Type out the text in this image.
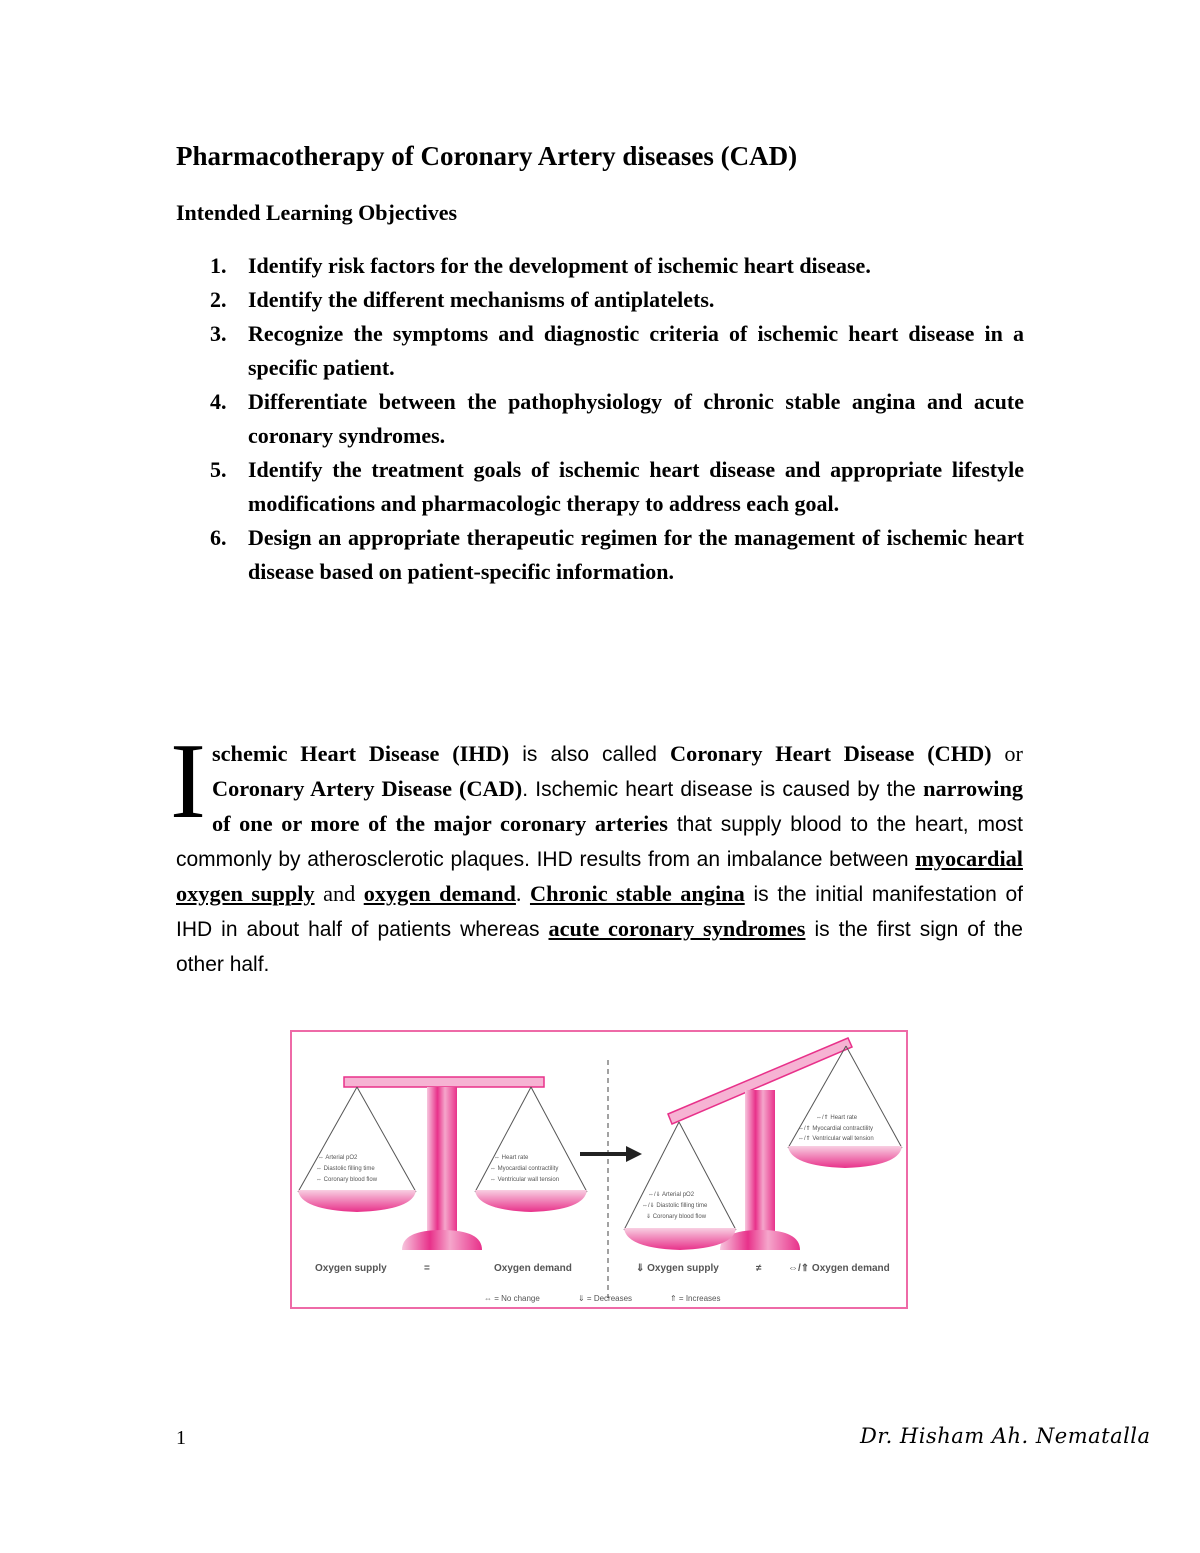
Pharmacotherapy of Coronary Artery diseases (CAD)
Intended Learning Objectives
1. Identify risk factors for the development of ischemic heart disease.
2. Identify the different mechanisms of antiplatelets.
3. Recognize the symptoms and diagnostic criteria of ischemic heart disease in a specific patient.
4. Differentiate between the pathophysiology of chronic stable angina and acute coronary syndromes.
5. Identify the treatment goals of ischemic heart disease and appropriate lifestyle modifications and pharmacologic therapy to address each goal.
6. Design an appropriate therapeutic regimen for the management of ischemic heart disease based on patient-specific information.
I schemic Heart Disease (IHD) is also called Coronary Heart Disease (CHD) or Coronary Artery Disease (CAD). Ischemic heart disease is caused by the narrowing of one or more of the major coronary arteries that supply blood to the heart, most commonly by atherosclerotic plaques. IHD results from an imbalance between myocardial oxygen supply and oxygen demand. Chronic stable angina is the initial manifestation of IHD in about half of patients whereas acute coronary syndromes is the first sign of the other half.
⇔ Arterial pO2 ⇔ Diastolic filling time ⇔ Coronary blood flow
⇔ Heart rate ⇔ Myocardial contractility ⇔ Ventricular wall tension
⇔/⇓ Arterial pO2 ⇔/⇓ Diastolic filling time ⇓ Coronary blood flow
⇔/⇑ Heart rate ⇔/⇑ Myocardial contractility ⇔/⇑ Ventricular wall tension
Oxygen supply	=	Oxygen demand	⇓ Oxygen supply	≠	⇔/⇑ Oxygen demand
⇔ = No change	⇓ = Decreases	⇑ = Increases
1	Dr. Hisham Ah. Nematalla
